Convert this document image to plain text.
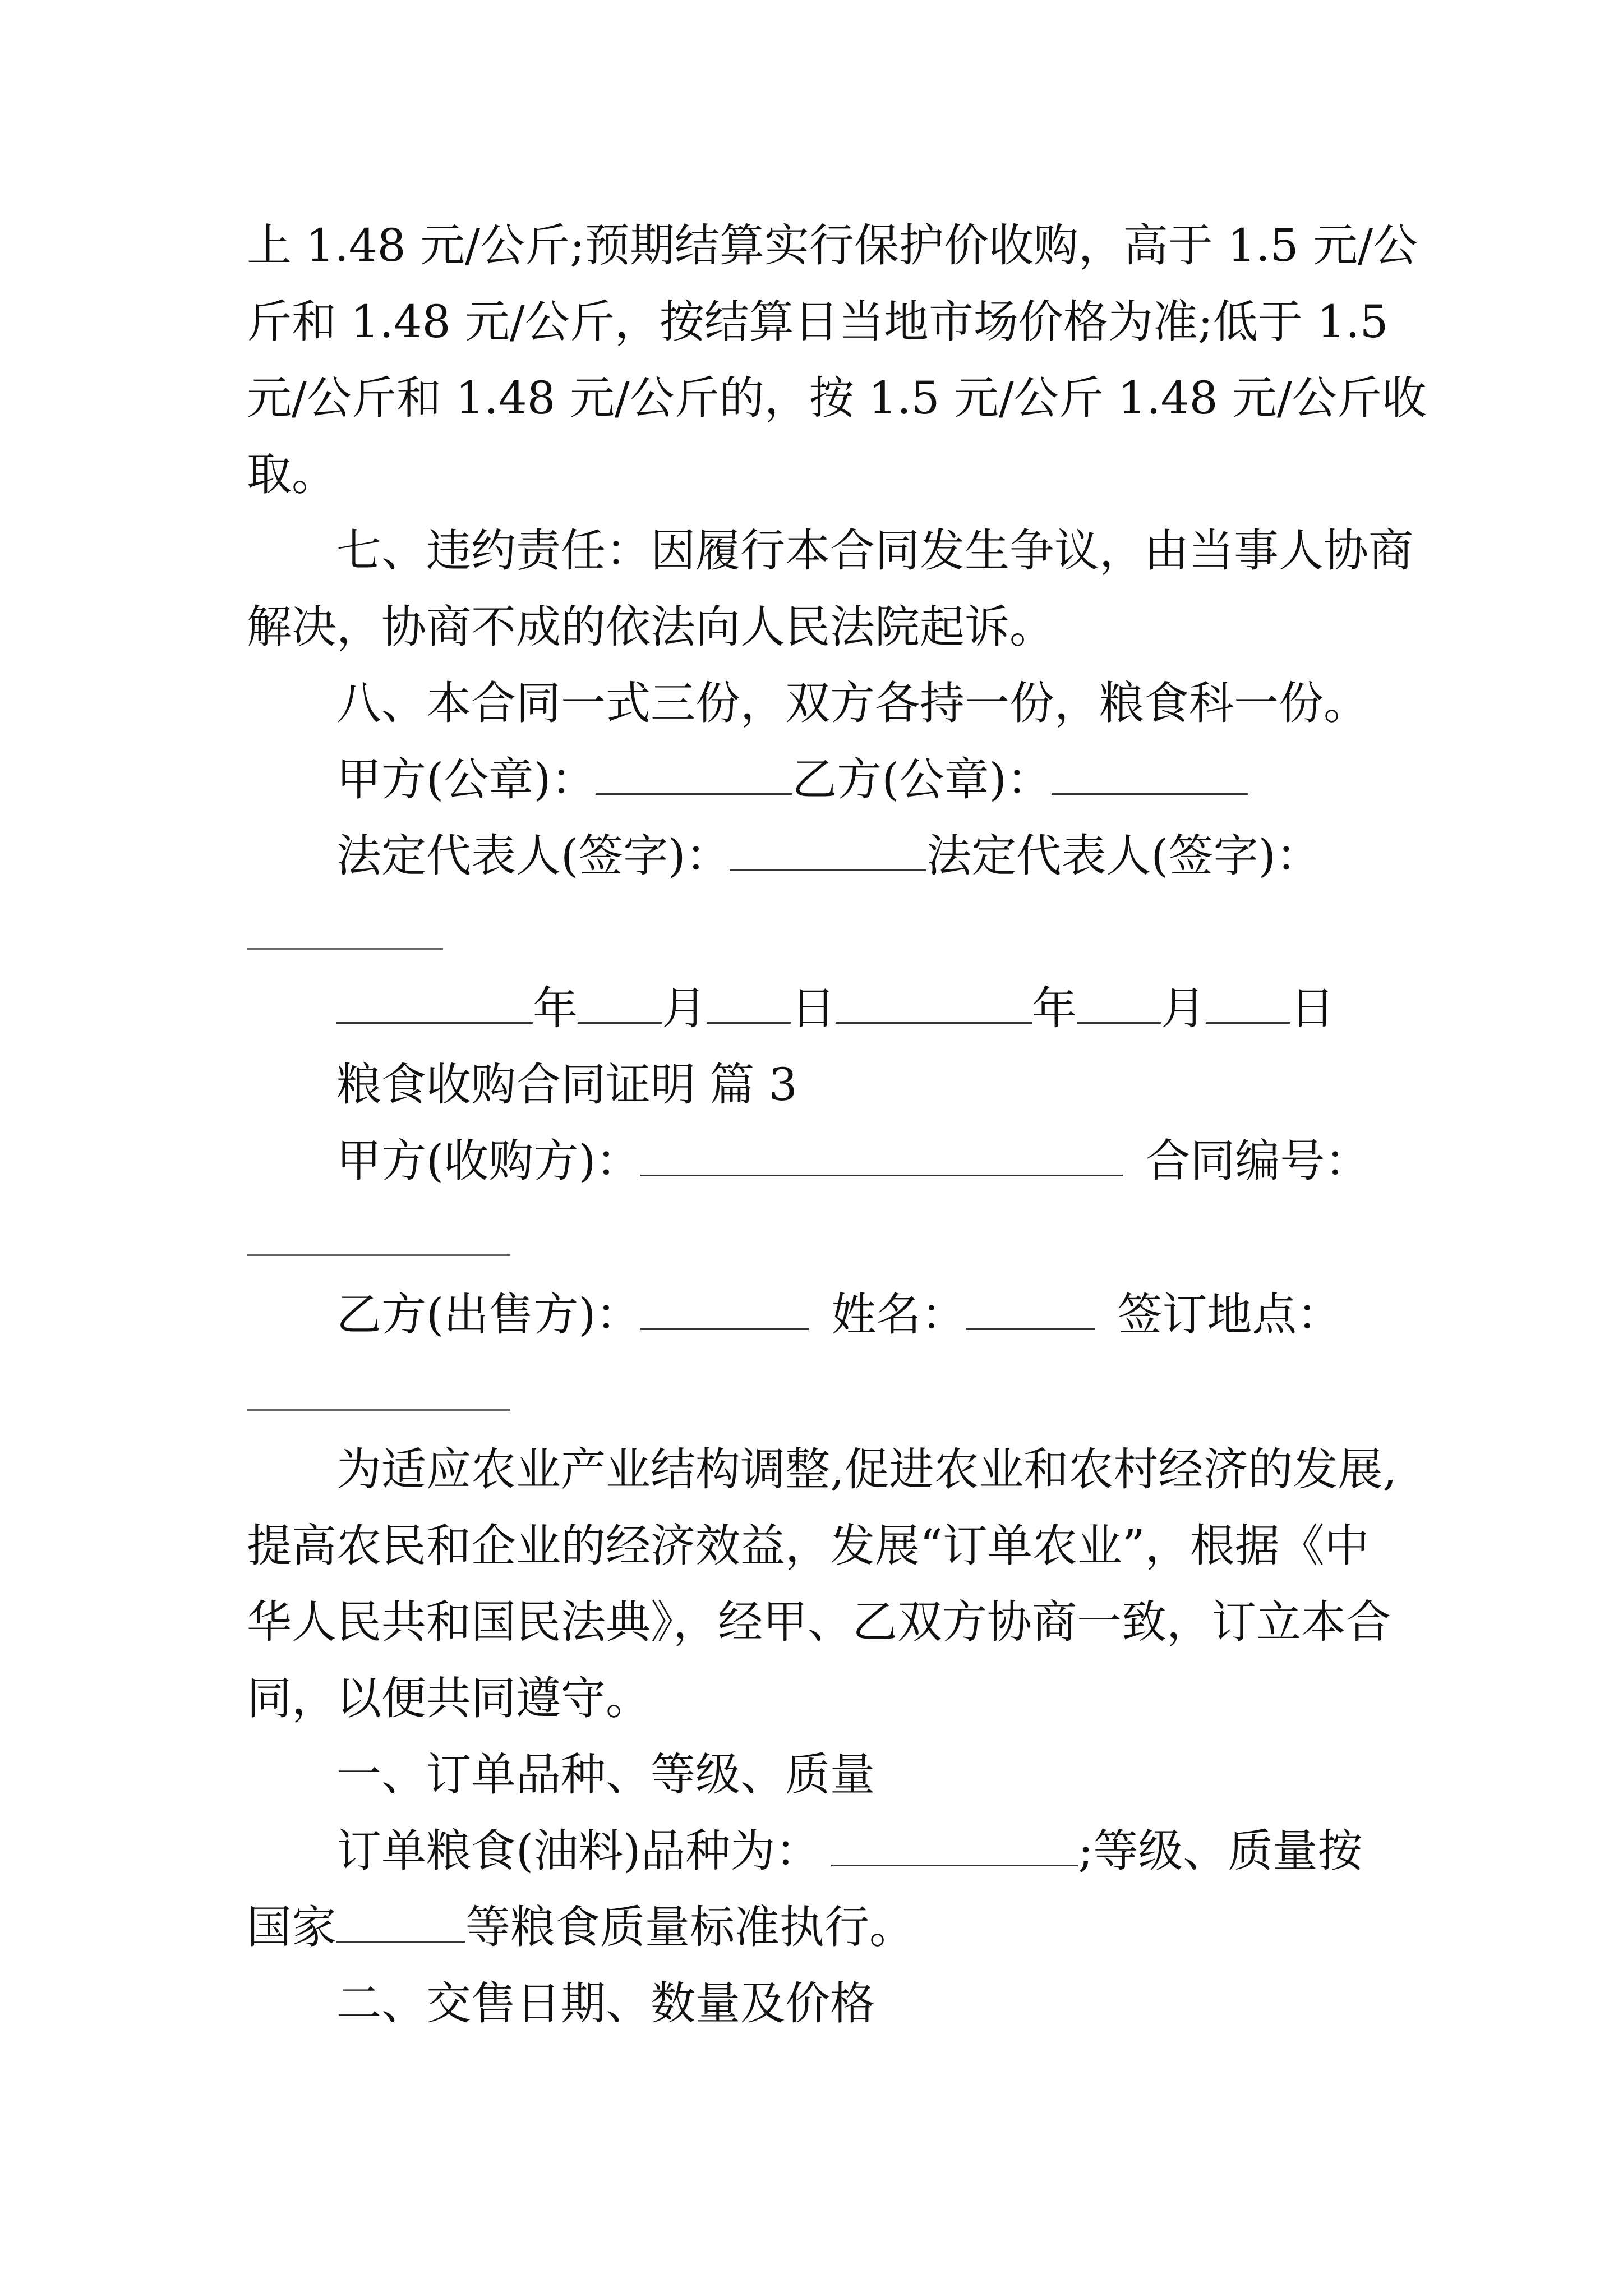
上 1.48 元/公斤;预期结算实行保护价收购，高于 1.5 元/公
斤和 1.48 元/公斤，按结算日当地市场价格为准;低于 1.5
元/公斤和 1.48 元/公斤的，按 1.5 元/公斤 1.48 元/公斤收
取。
七、违约责任：因履行本合同发生争议，由当事人协商
解决，协商不成的依法向人民法院起诉。
八、本合同一式三份，双方各持一份，粮食科一份。
甲方(公章)：	乙方(公章)：
法定代表人(签字)：	法定代表人(签字)：
年 月 日	年 月 日
粮食收购合同证明 篇 3
甲方(收购方)：	合同编号：
乙方(出售方)：	姓名：	签订地点：
为适应农业产业结构调整,促进农业和农村经济的发展,
提高农民和企业的经济效益，发展“订单农业”，根据《中
华人民共和国民法典》，经甲、乙双方协商一致，订立本合
同，以便共同遵守。
一、订单品种、等级、质量
订单粮食(油料)品种为：	;等级、质量按
国家	等粮食质量标准执行。
二、交售日期、数量及价格
